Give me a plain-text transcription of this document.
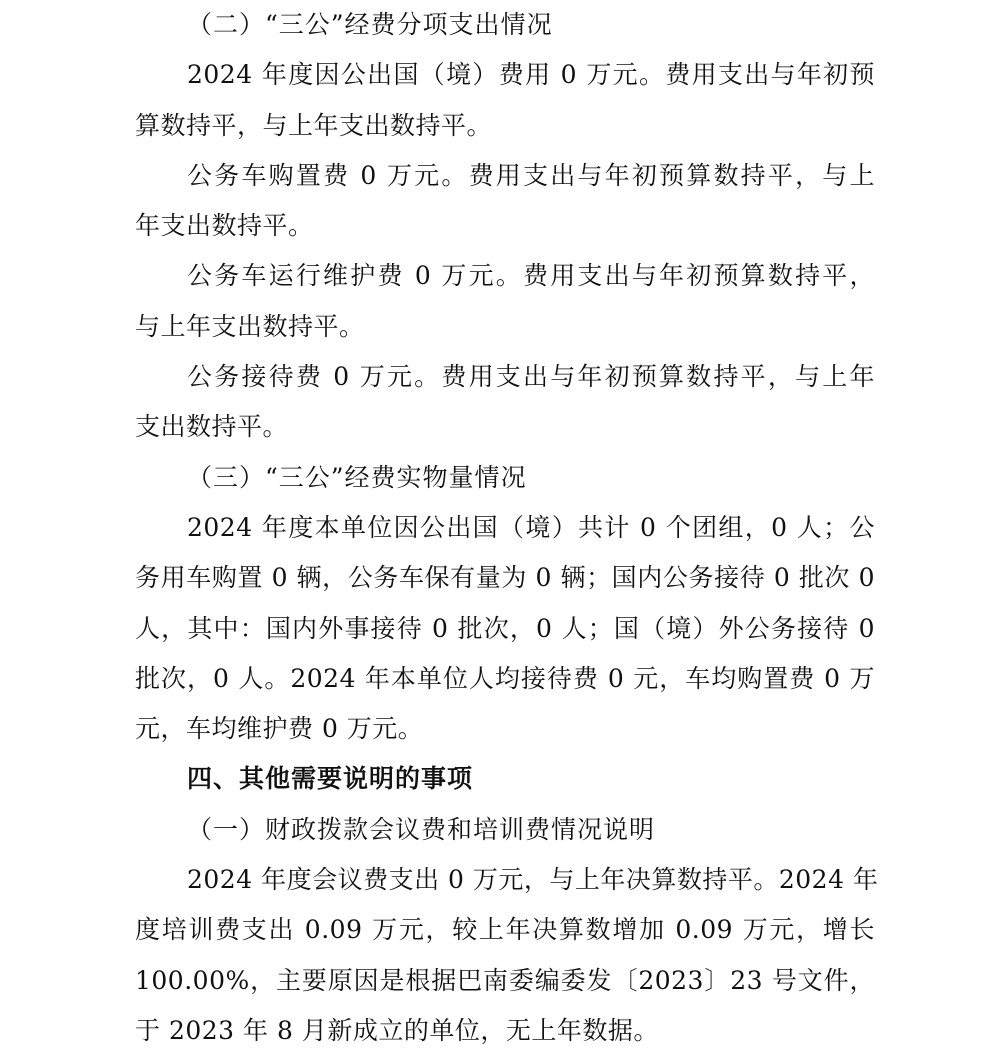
（二）“三公”经费分项支出情况
2024 年度因公出国（境）费用 0 万元。费用支出与年初预
算数持平，与上年支出数持平。
公务车购置费 0 万元。费用支出与年初预算数持平，与上
年支出数持平。
公务车运行维护费 0 万元。费用支出与年初预算数持平，
与上年支出数持平。
公务接待费 0 万元。费用支出与年初预算数持平，与上年
支出数持平。
（三）“三公”经费实物量情况
2024 年度本单位因公出国（境）共计 0 个团组，0 人；公
务用车购置 0 辆，公务车保有量为 0 辆；国内公务接待 0 批次 0
人，其中：国内外事接待 0 批次，0 人；国（境）外公务接待 0
批次，0 人。2024 年本单位人均接待费 0 元，车均购置费 0 万
元，车均维护费 0 万元。
四、其他需要说明的事项
（一）财政拨款会议费和培训费情况说明
2024 年度会议费支出 0 万元，与上年决算数持平。2024 年
度培训费支出 0.09 万元，较上年决算数增加 0.09 万元，增长
100.00%，主要原因是根据巴南委编委发〔2023〕23 号文件，
于 2023 年 8 月新成立的单位，无上年数据。
